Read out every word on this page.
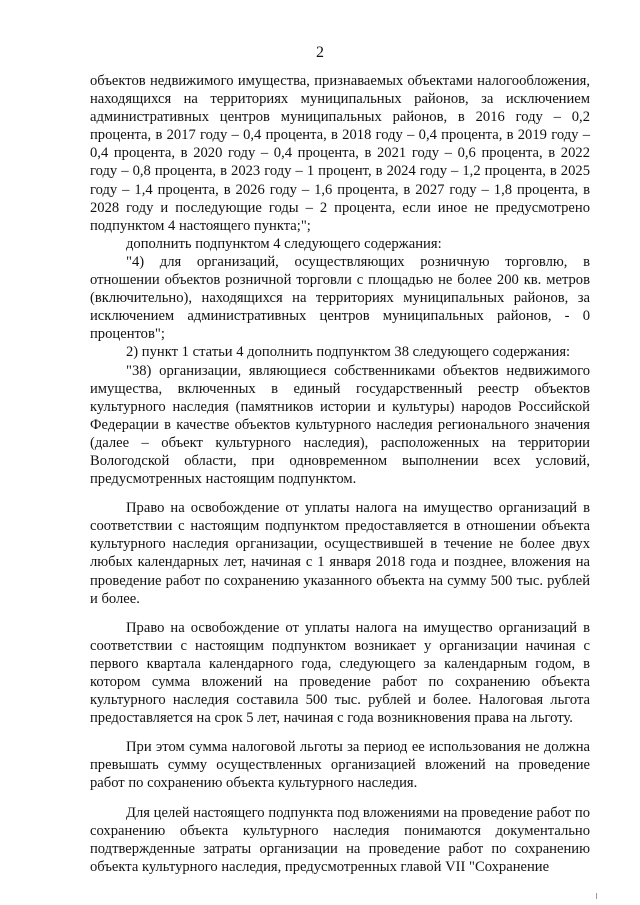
2

объектов недвижимого имущества, признаваемых объектами налогообложения, находящихся на территориях муниципальных районов, за исключением административных центров муниципальных районов, в 2016 году – 0,2 процента, в 2017 году – 0,4 процента, в 2018 году – 0,4 процента, в 2019 году – 0,4 процента, в 2020 году – 0,4 процента, в 2021 году – 0,6 процента, в 2022 году – 0,8 процента, в 2023 году – 1 процент, в 2024 году – 1,2 процента, в 2025 году – 1,4 процента, в 2026 году – 1,6 процента, в 2027 году – 1,8 процента, в 2028 году и последующие годы – 2 процента, если иное не предусмотрено подпунктом 4 настоящего пункта;";

дополнить подпунктом 4 следующего содержания:

"4) для организаций, осуществляющих розничную торговлю, в отношении объектов розничной торговли с площадью не более 200 кв. метров (включительно), находящихся на территориях муниципальных районов, за исключением административных центров муниципальных районов, - 0 процентов";

2) пункт 1 статьи 4 дополнить подпунктом 38 следующего содержания:

"38) организации, являющиеся собственниками объектов недвижимого имущества, включенных в единый государственный реестр объектов культурного наследия (памятников истории и культуры) народов Российской Федерации в качестве объектов культурного наследия регионального значения (далее – объект культурного наследия), расположенных на территории Вологодской области, при одновременном выполнении всех условий, предусмотренных настоящим подпунктом.

Право на освобождение от уплаты налога на имущество организаций в соответствии с настоящим подпунктом предоставляется в отношении объекта культурного наследия организации, осуществившей в течение не более двух любых календарных лет, начиная с 1 января 2018 года и позднее, вложения на проведение работ по сохранению указанного объекта на сумму 500 тыс. рублей и более.

Право на освобождение от уплаты налога на имущество организаций в соответствии с настоящим подпунктом возникает у организации начиная с первого квартала календарного года, следующего за календарным годом, в котором сумма вложений на проведение работ по сохранению объекта культурного наследия составила 500 тыс. рублей и более. Налоговая льгота предоставляется на срок 5 лет, начиная с года возникновения права на льготу.

При этом сумма налоговой льготы за период ее использования не должна превышать сумму осуществленных организацией вложений на проведение работ по сохранению объекта культурного наследия.

Для целей настоящего подпункта под вложениями на проведение работ по сохранению объекта культурного наследия понимаются документально подтвержденные затраты организации на проведение работ по сохранению объекта культурного наследия, предусмотренных главой VII "Сохранение
